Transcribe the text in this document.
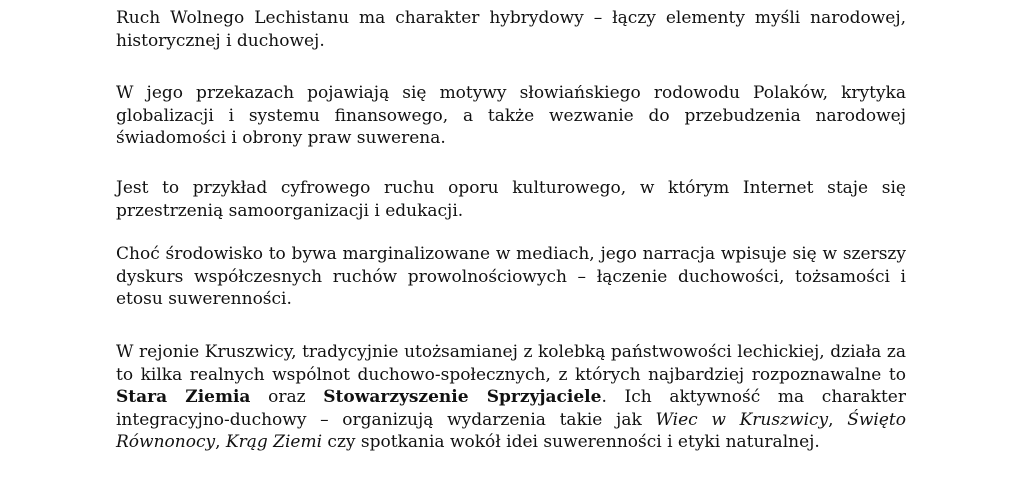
Ruch Wolnego Lechistanu ma charakter hybrydowy – łączy elementy myśli narodowej, historycznej i duchowej.

W jego przekazach pojawiają się motywy słowiańskiego rodowodu Polaków, krytyka globalizacji i systemu finansowego, a także wezwanie do przebudzenia narodowej świadomości i obrony praw suwerena.

Jest to przykład cyfrowego ruchu oporu kulturowego, w którym Internet staje się przestrzenią samoorganizacji i edukacji.

Choć środowisko to bywa marginalizowane w mediach, jego narracja wpisuje się w szerszy dyskurs współczesnych ruchów prowolnościowych – łączenie duchowości, tożsamości i etosu suwerenności.

W rejonie Kruszwicy, tradycyjnie utożsamianej z kolebką państwowości lechickiej, działa za to kilka realnych wspólnot duchowo-społecznych, z których najbardziej rozpoznawalne to Stara Ziemia oraz Stowarzyszenie Sprzyjaciele. Ich aktywność ma charakter integracyjno-duchowy – organizują wydarzenia takie jak Wiec w Kruszwicy, Święto Równonocy, Krąg Ziemi czy spotkania wokół idei suwerenności i etyki naturalnej.
